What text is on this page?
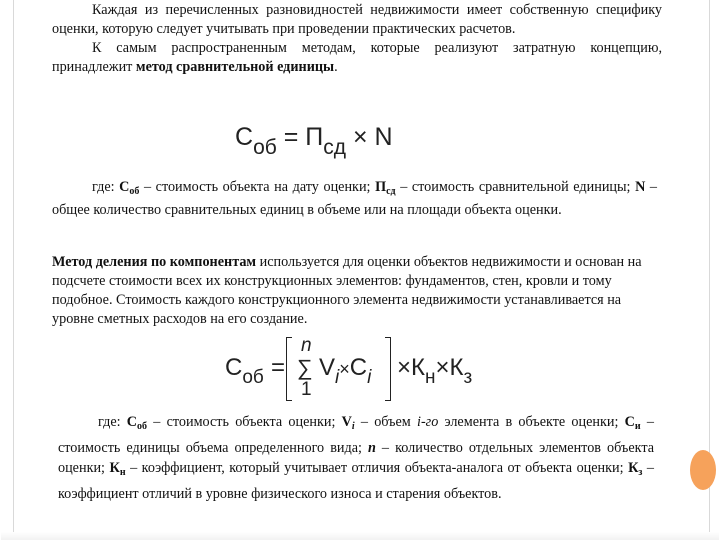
Каждая из перечисленных разновидностей недвижимости имеет собственную специфику оценки, которую следует учитывать при проведении практических расчетов.
К самым распространенным методам, которые реализуют затратную концепцию, принадлежит метод сравнительной единицы.

$С_{об} = П_{сд} \times N$

где: $С_{об}$ – стоимость объекта на дату оценки; $П_{сд}$ – стоимость сравнительной единицы; N – общее количество сравнительных единиц в объеме или на площади объекта оценки.

Метод деления по компонентам используется для оценки объектов недвижимости и основан на подсчете стоимости всех их конструкционных элементов: фундаментов, стен, кровли и тому подобное. Стоимость каждого конструкционного элемента недвижимости устанавливается на уровне сметных расходов на его создание.

$С_{об}$ =
n
∑
1
$V_i\times С_i \times К_н\times К_з$

где: $С_{об}$ – стоимость объекта оценки; $V_i$ – объем i-го элемента в объекте оценки; $С_и$ – стоимость единицы объема определенного вида; n – количество отдельных элементов объекта оценки; $К_н$ – коэффициент, который учитывает отличия объекта-аналога от объекта оценки; $К_з$ – коэффициент отличий в уровне физического износа и старения объектов.
